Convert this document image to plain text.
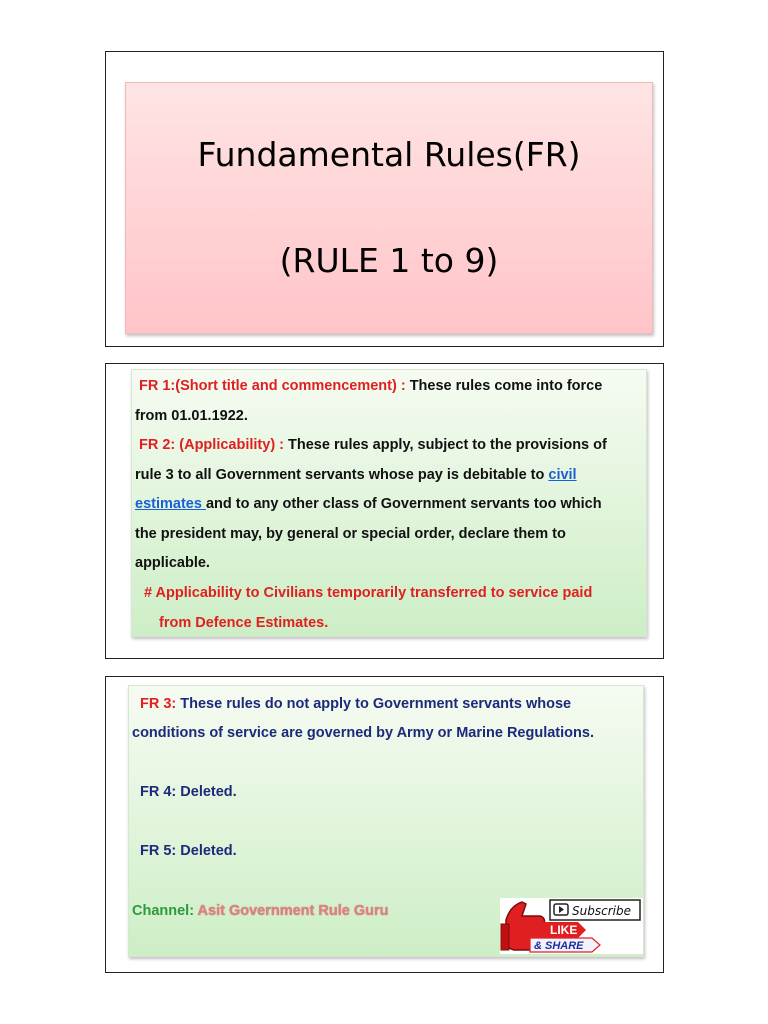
Fundamental Rules(FR)
(RULE 1 to 9)
FR 1:(Short title and commencement) : These rules come into force
from 01.01.1922.
FR 2: (Applicability) : These rules apply, subject to the provisions of
rule 3 to all Government servants whose pay is debitable to civil
estimates and to any other class of Government servants too which
the president may, by general or special order, declare them to
applicable.
# Applicability to Civilians temporarily transferred to service paid
from Defence Estimates.
FR 3: These rules do not apply to Government servants whose
conditions of service are governed by Army or Marine Regulations.
FR 4: Deleted.
FR 5: Deleted.
Channel: Asit Government Rule Guru	Subscribe
LIKE
& SHARE
